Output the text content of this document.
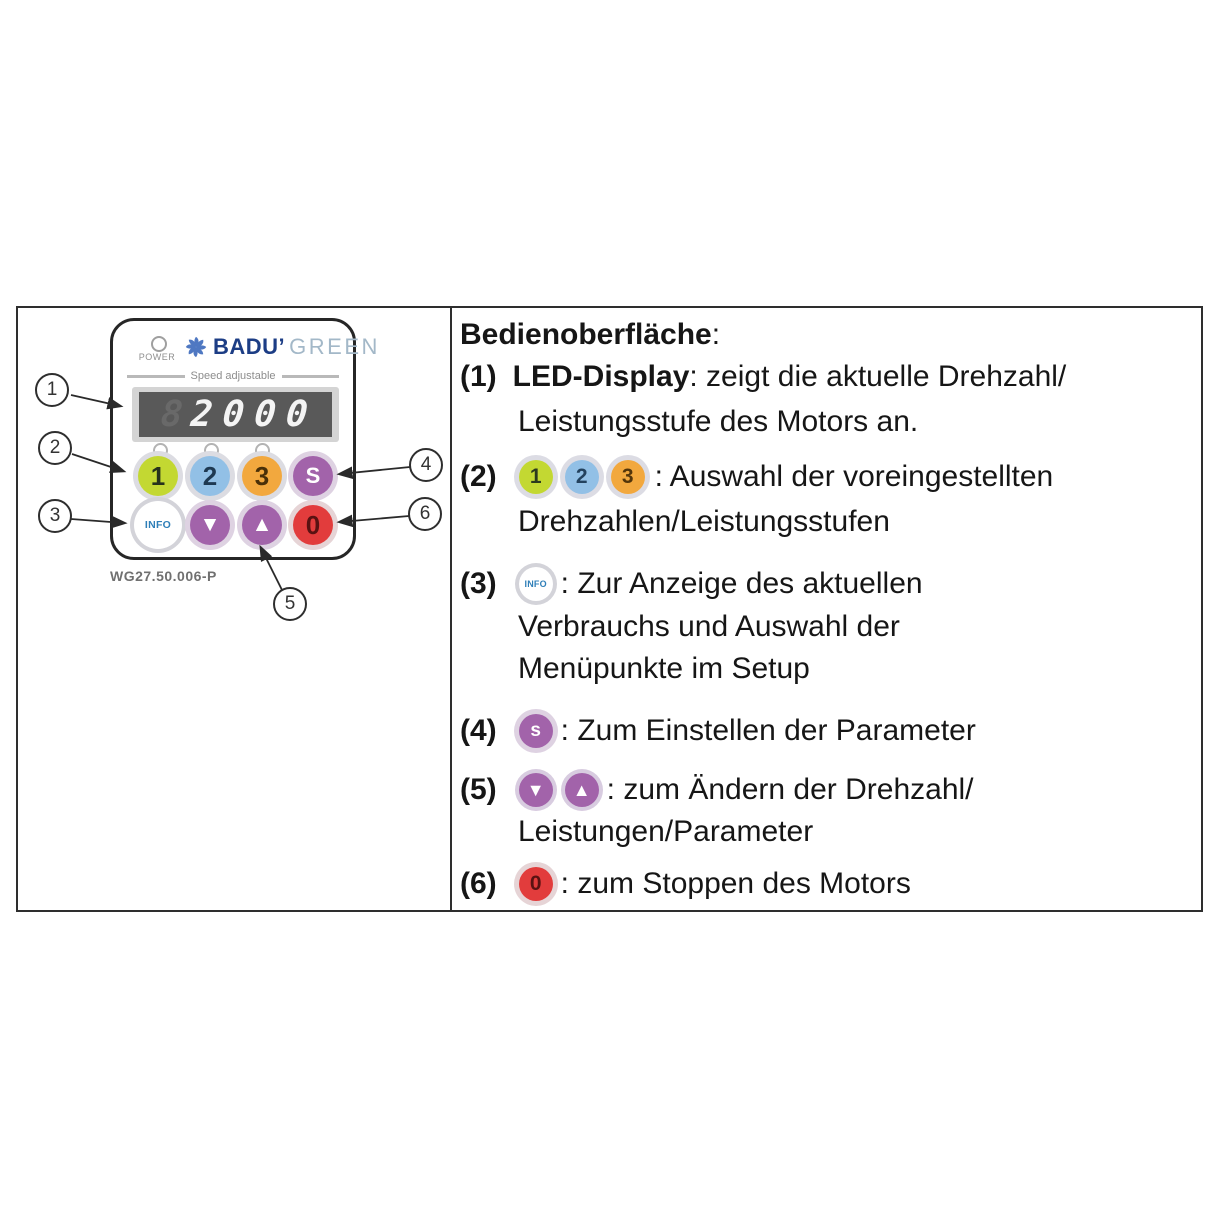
POWER	BADU’ GREEN
Speed adjustable
8 2000
1	2	3	S
INFO	▼	▲	0
WG27.50.006-P
1
2
3
4
5
6
Bedienoberfläche:
(1) LED-Display: zeigt die aktuelle Drehzahl/
Leistungsstufe des Motors an.
(2)	1	2	3 : Auswahl der voreingestellten
Drehzahlen/Leistungsstufen
(3)	INFO : Zur Anzeige des aktuellen
Verbrauchs und Auswahl der
Menüpunkte im Setup
(4)	s : Zum Einstellen der Parameter
(5)	▼	▲ : zum Ändern der Drehzahl/
Leistungen/Parameter
(6)	0 : zum Stoppen des Motors
